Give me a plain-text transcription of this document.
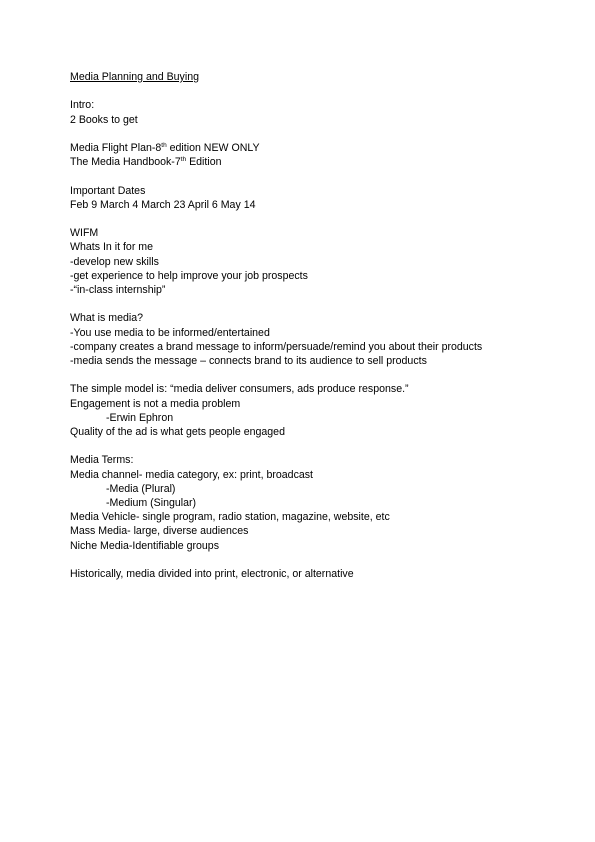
Media Planning and Buying
Intro:
2 Books to get
Media Flight Plan-8th edition NEW ONLY
The Media Handbook-7th Edition
Important Dates
Feb 9 March 4 March 23 April 6 May 14
WIFM
Whats In it for me
-develop new skills
-get experience to help improve your job prospects
-“in-class internship”
What is media?
-You use media to be informed/entertained
-company creates a brand message to inform/persuade/remind you about their products
-media sends the message – connects brand to its audience to sell products
The simple model is: “media deliver consumers, ads produce response.”
Engagement is not a media problem
-Erwin Ephron
Quality of the ad is what gets people engaged
Media Terms:
Media channel- media category, ex: print, broadcast
-Media (Plural)
-Medium (Singular)
Media Vehicle- single program, radio station, magazine, website, etc
Mass Media- large, diverse audiences
Niche Media-Identifiable groups
Historically, media divided into print, electronic, or alternative
